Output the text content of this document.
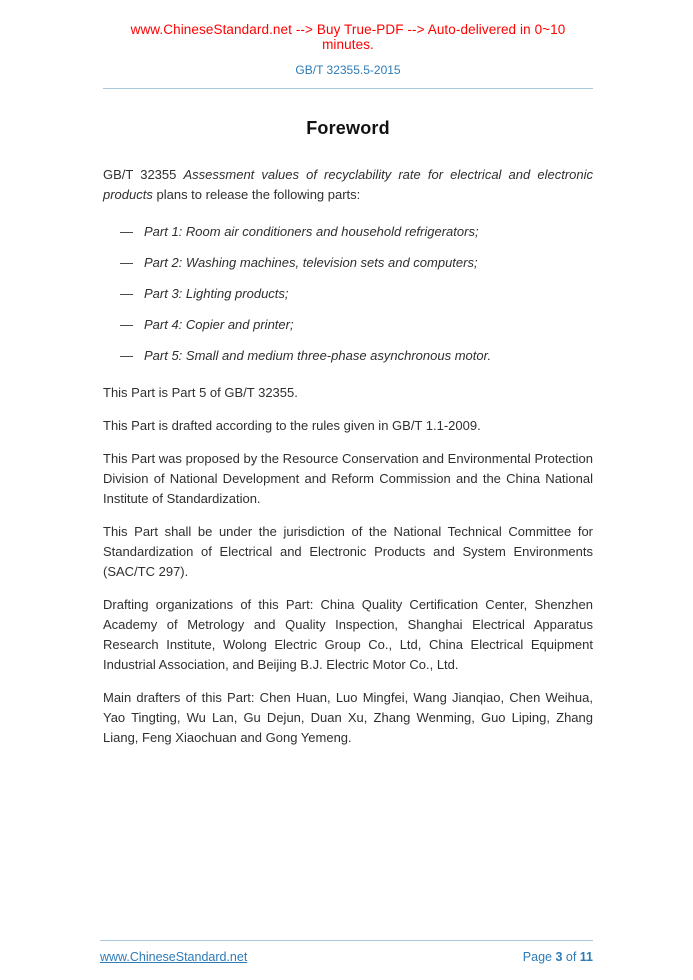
www.ChineseStandard.net --> Buy True-PDF --> Auto-delivered in 0~10 minutes.
GB/T 32355.5-2015
Foreword

GB/T 32355 Assessment values of recyclability rate for electrical and electronic products plans to release the following parts:

— Part 1: Room air conditioners and household refrigerators;
— Part 2: Washing machines, television sets and computers;
— Part 3: Lighting products;
— Part 4: Copier and printer;
— Part 5: Small and medium three-phase asynchronous motor.

This Part is Part 5 of GB/T 32355.

This Part is drafted according to the rules given in GB/T 1.1-2009.

This Part was proposed by the Resource Conservation and Environmental Protection Division of National Development and Reform Commission and the China National Institute of Standardization.

This Part shall be under the jurisdiction of the National Technical Committee for Standardization of Electrical and Electronic Products and System Environments (SAC/TC 297).

Drafting organizations of this Part: China Quality Certification Center, Shenzhen Academy of Metrology and Quality Inspection, Shanghai Electrical Apparatus Research Institute, Wolong Electric Group Co., Ltd, China Electrical Equipment Industrial Association, and Beijing B.J. Electric Motor Co., Ltd.

Main drafters of this Part: Chen Huan, Luo Mingfei, Wang Jianqiao, Chen Weihua, Yao Tingting, Wu Lan, Gu Dejun, Duan Xu, Zhang Wenming, Guo Liping, Zhang Liang, Feng Xiaochuan and Gong Yemeng.

www.ChineseStandard.net	Page 3 of 11
